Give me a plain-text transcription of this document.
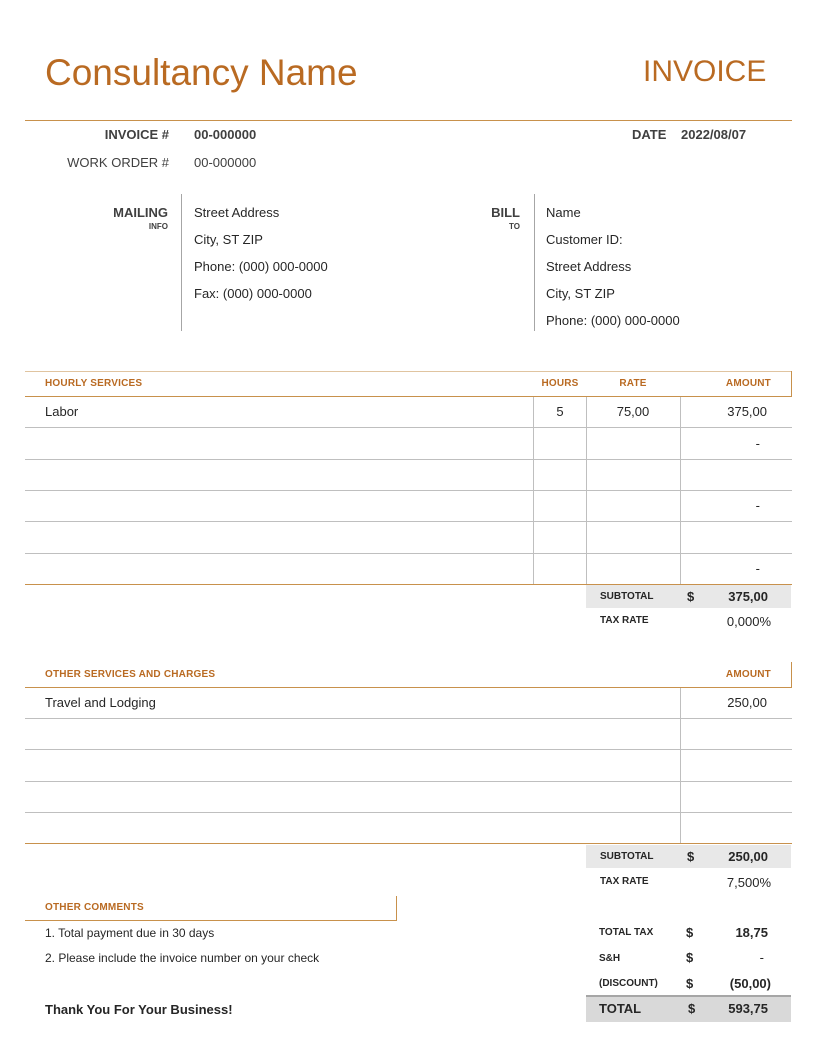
Consultancy Name	INVOICE
INVOICE # 00-000000
WORK ORDER # 00-000000
DATE 2022/08/07
MAILING
INFO
Street Address
City, ST ZIP
Phone: (000) 000-0000
Fax: (000) 000-0000
BILL
TO
Name
Customer ID:
Street Address
City, ST ZIP
Phone: (000) 000-0000
HOURLY SERVICES	HOURS	RATE	AMOUNT
Labor	5	75,00	375,00
-
-
-
SUBTOTAL	$	375,00
TAX RATE	0,000%
OTHER SERVICES AND CHARGES	AMOUNT
Travel and Lodging	250,00
SUBTOTAL	$	250,00
TAX RATE	7,500%
OTHER COMMENTS
1. Total payment due in 30 days
2. Please include the invoice number on your check
Thank You For Your Business!
TOTAL TAX	$	18,75
S&H	$	-
(DISCOUNT) $	(50,00)
TOTAL	$	593,75
